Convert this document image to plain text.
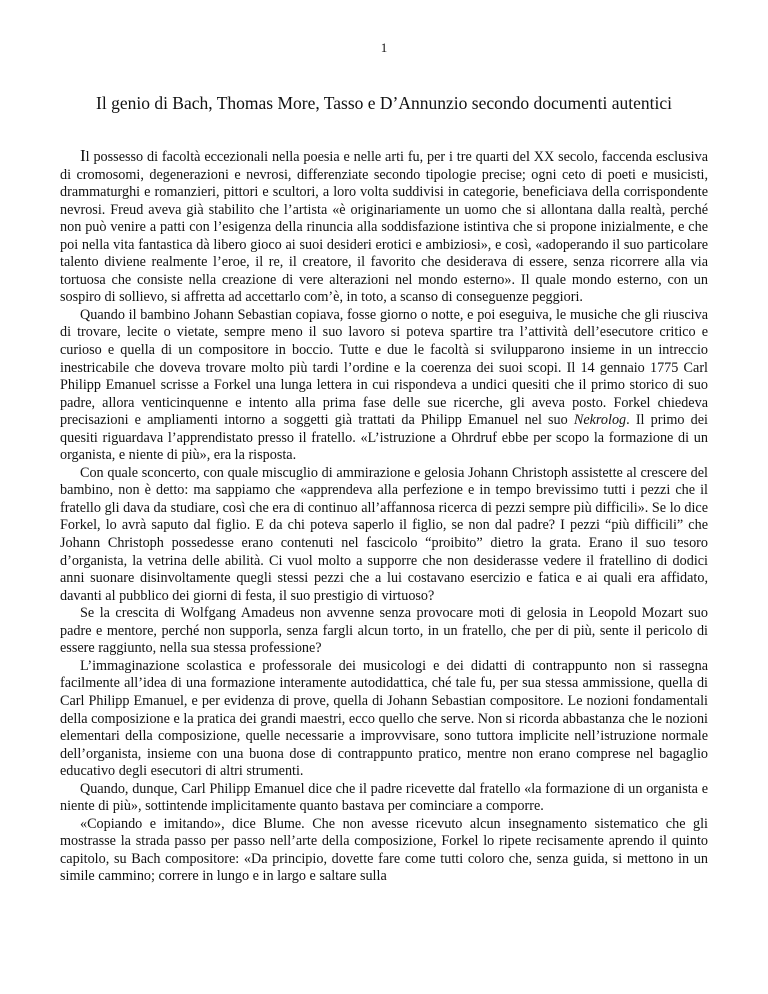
1
Il genio di Bach, Thomas More, Tasso e D’Annunzio secondo documenti autentici

Il possesso di facoltà eccezionali nella poesia e nelle arti fu, per i tre quarti del XX secolo, faccenda esclusiva di cromosomi, degenerazioni e nevrosi, differenziate secondo tipologie precise; ogni ceto di poeti e musicisti, drammaturghi e romanzieri, pittori e scultori, a loro volta suddivisi in categorie, beneficiava della corrispondente nevrosi. Freud aveva già stabilito che l’artista «è originariamente un uomo che si allontana dalla realtà, perché non può venire a patti con l’esigenza della rinuncia alla soddisfazione istintiva che si propone inizialmente, e che poi nella vita fantastica dà libero gioco ai suoi desideri erotici e ambiziosi», e così, «adoperando il suo particolare talento diviene realmente l’eroe, il re, il creatore, il favorito che desiderava di essere, senza ricorrere alla via tortuosa che consiste nella creazione di vere alterazioni nel mondo esterno». Il quale mondo esterno, con un sospiro di sollievo, si affretta ad accettarlo com’è, in toto, a scanso di conseguenze peggiori.

Quando il bambino Johann Sebastian copiava, fosse giorno o notte, e poi eseguiva, le musiche che gli riusciva di trovare, lecite o vietate, sempre meno il suo lavoro si poteva spartire tra l’attività dell’esecutore critico e curioso e quella di un compositore in boccio. Tutte e due le facoltà si svilupparono insieme in un intreccio inestricabile che doveva trovare molto più tardi l’ordine e la coerenza dei suoi scopi. Il 14 gennaio 1775 Carl Philipp Emanuel scrisse a Forkel una lunga lettera in cui rispondeva a undici quesiti che il primo storico di suo padre, allora venticinquenne e intento alla prima fase delle sue ricerche, gli aveva posto. Forkel chiedeva precisazioni e ampliamenti intorno a soggetti già trattati da Philipp Emanuel nel suo Nekrolog. Il primo dei quesiti riguardava l’apprendistato presso il fratello. «L’istruzione a Ohrdruf ebbe per scopo la formazione di un organista, e niente di più», era la risposta.

Con quale sconcerto, con quale miscuglio di ammirazione e gelosia Johann Christoph assistette al crescere del bambino, non è detto: ma sappiamo che «apprendeva alla perfezione e in tempo brevissimo tutti i pezzi che il fratello gli dava da studiare, così che era di continuo all’affannosa ricerca di pezzi sempre più difficili». Se lo dice Forkel, lo avrà saputo dal figlio. E da chi poteva saperlo il figlio, se non dal padre? I pezzi “più difficili” che Johann Christoph possedesse erano contenuti nel fascicolo “proibito” dietro la grata. Erano il suo tesoro d’organista, la vetrina delle abilità. Ci vuol molto a supporre che non desiderasse vedere il fratellino di dodici anni suonare disinvoltamente quegli stessi pezzi che a lui costavano esercizio e fatica e ai quali era affidato, davanti al pubblico dei giorni di festa, il suo prestigio di virtuoso?

Se la crescita di Wolfgang Amadeus non avvenne senza provocare moti di gelosia in Leopold Mozart suo padre e mentore, perché non supporla, senza fargli alcun torto, in un fratello, che per di più, sente il pericolo di essere raggiunto, nella sua stessa professione?

L’immaginazione scolastica e professorale dei musicologi e dei didatti di contrappunto non si rassegna facilmente all’idea di una formazione interamente autodidattica, ché tale fu, per sua stessa ammissione, quella di Carl Philipp Emanuel, e per evidenza di prove, quella di Johann Sebastian compositore. Le nozioni fondamentali della composizione e la pratica dei grandi maestri, ecco quello che serve. Non si ricorda abbastanza che le nozioni elementari della composizione, quelle necessarie a improvvisare, sono tuttora implicite nell’istruzione normale dell’organista, insieme con una buona dose di contrappunto pratico, mentre non erano comprese nel bagaglio educativo degli esecutori di altri strumenti.

Quando, dunque, Carl Philipp Emanuel dice che il padre ricevette dal fratello «la formazione di un organista e niente di più», sottintende implicitamente quanto bastava per cominciare a comporre.

«Copiando e imitando», dice Blume. Che non avesse ricevuto alcun insegnamento sistematico che gli mostrasse la strada passo per passo nell’arte della composizione, Forkel lo ripete recisamente aprendo il quinto capitolo, su Bach compositore: «Da principio, dovette fare come tutti coloro che, senza guida, si mettono in un simile cammino; correre in lungo e in largo e saltare sulla
